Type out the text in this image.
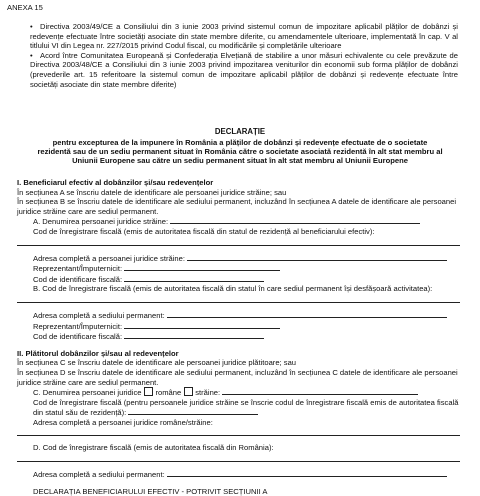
ANEXA 15
• Directiva 2003/49/CE a Consiliului din 3 iunie 2003 privind sistemul comun de impozitare aplicabil plăților de dobânzi și redevențe efectuate între societăți asociate din state membre diferite, cu amendamentele ulterioare, implementată în cap. V al titlului VI din Legea nr. 227/2015 privind Codul fiscal, cu modificările și completările ulterioare
• Acord între Comunitatea Europeană și Confederația Elvețiană de stabilire a unor măsuri echivalente cu cele prevăzute de Directiva 2003/48/CE a Consiliului din 3 iunie 2003 privind impozitarea veniturilor din economii sub forma plăților de dobânzi (prevederile art. 15 referitoare la sistemul comun de impozitare aplicabil plăților de dobânzi și redevențe efectuate între societăți asociate din state membre diferite)
DECLARAȚIE
pentru excepturea de la impunere în România a plăților de dobânzi și redevențe efectuate de o societate rezidentă sau de un sediu permanent situat în România către o societate asociată rezidentă în alt stat membru al Uniunii Europene sau către un sediu permanent situat în alt stat membru al Uniunii Europene
I. Beneficiarul efectiv al dobânzilor și/sau redevențelor
În secțiunea A se înscriu datele de identificare ale persoanei juridice străine; sau
În secțiunea B se înscriu datele de identificare ale sediului permanent, incluzând în secțiunea A datele de identificare ale persoanei juridice străine care are sediul permanent.
A. Denumirea persoanei juridice străine:
Cod de înregistrare fiscală (emis de autoritatea fiscală din statul de rezidență al beneficiarului efectiv):
Adresa completă a persoanei juridice străine:
Reprezentant/Împuternicit:
Cod de identificare fiscală:
B. Cod de înregistrare fiscală (emis de autoritatea fiscală din statul în care sediul permanent își desfășoară activitatea):
Adresa completă a sediului permanent:
Reprezentant/Împuternicit:
Cod de identificare fiscală:
II. Plătitorul dobânzilor și/sau al redevențelor
În secțiunea C se înscriu datele de identificare ale persoanei juridice plătitoare; sau
În secțiunea D se înscriu datele de identificare ale sediului permanent, incluzând în secțiunea C datele de identificare ale persoanei juridice străine care are sediul permanent.
C. Denumirea persoanei juridice române străine:
Cod de înregistrare fiscală (pentru persoanele juridice străine se înscrie codul de înregistrare fiscală emis de autoritatea fiscală din statul său de rezidență):
Adresa completă a persoanei juridice române/străine:
D. Cod de înregistrare fiscală (emis de autoritatea fiscală din România):
Adresa completă a sediului permanent:
DECLARAȚIA BENEFICIARULUI EFECTIV - POTRIVIT SECȚIUNII A
